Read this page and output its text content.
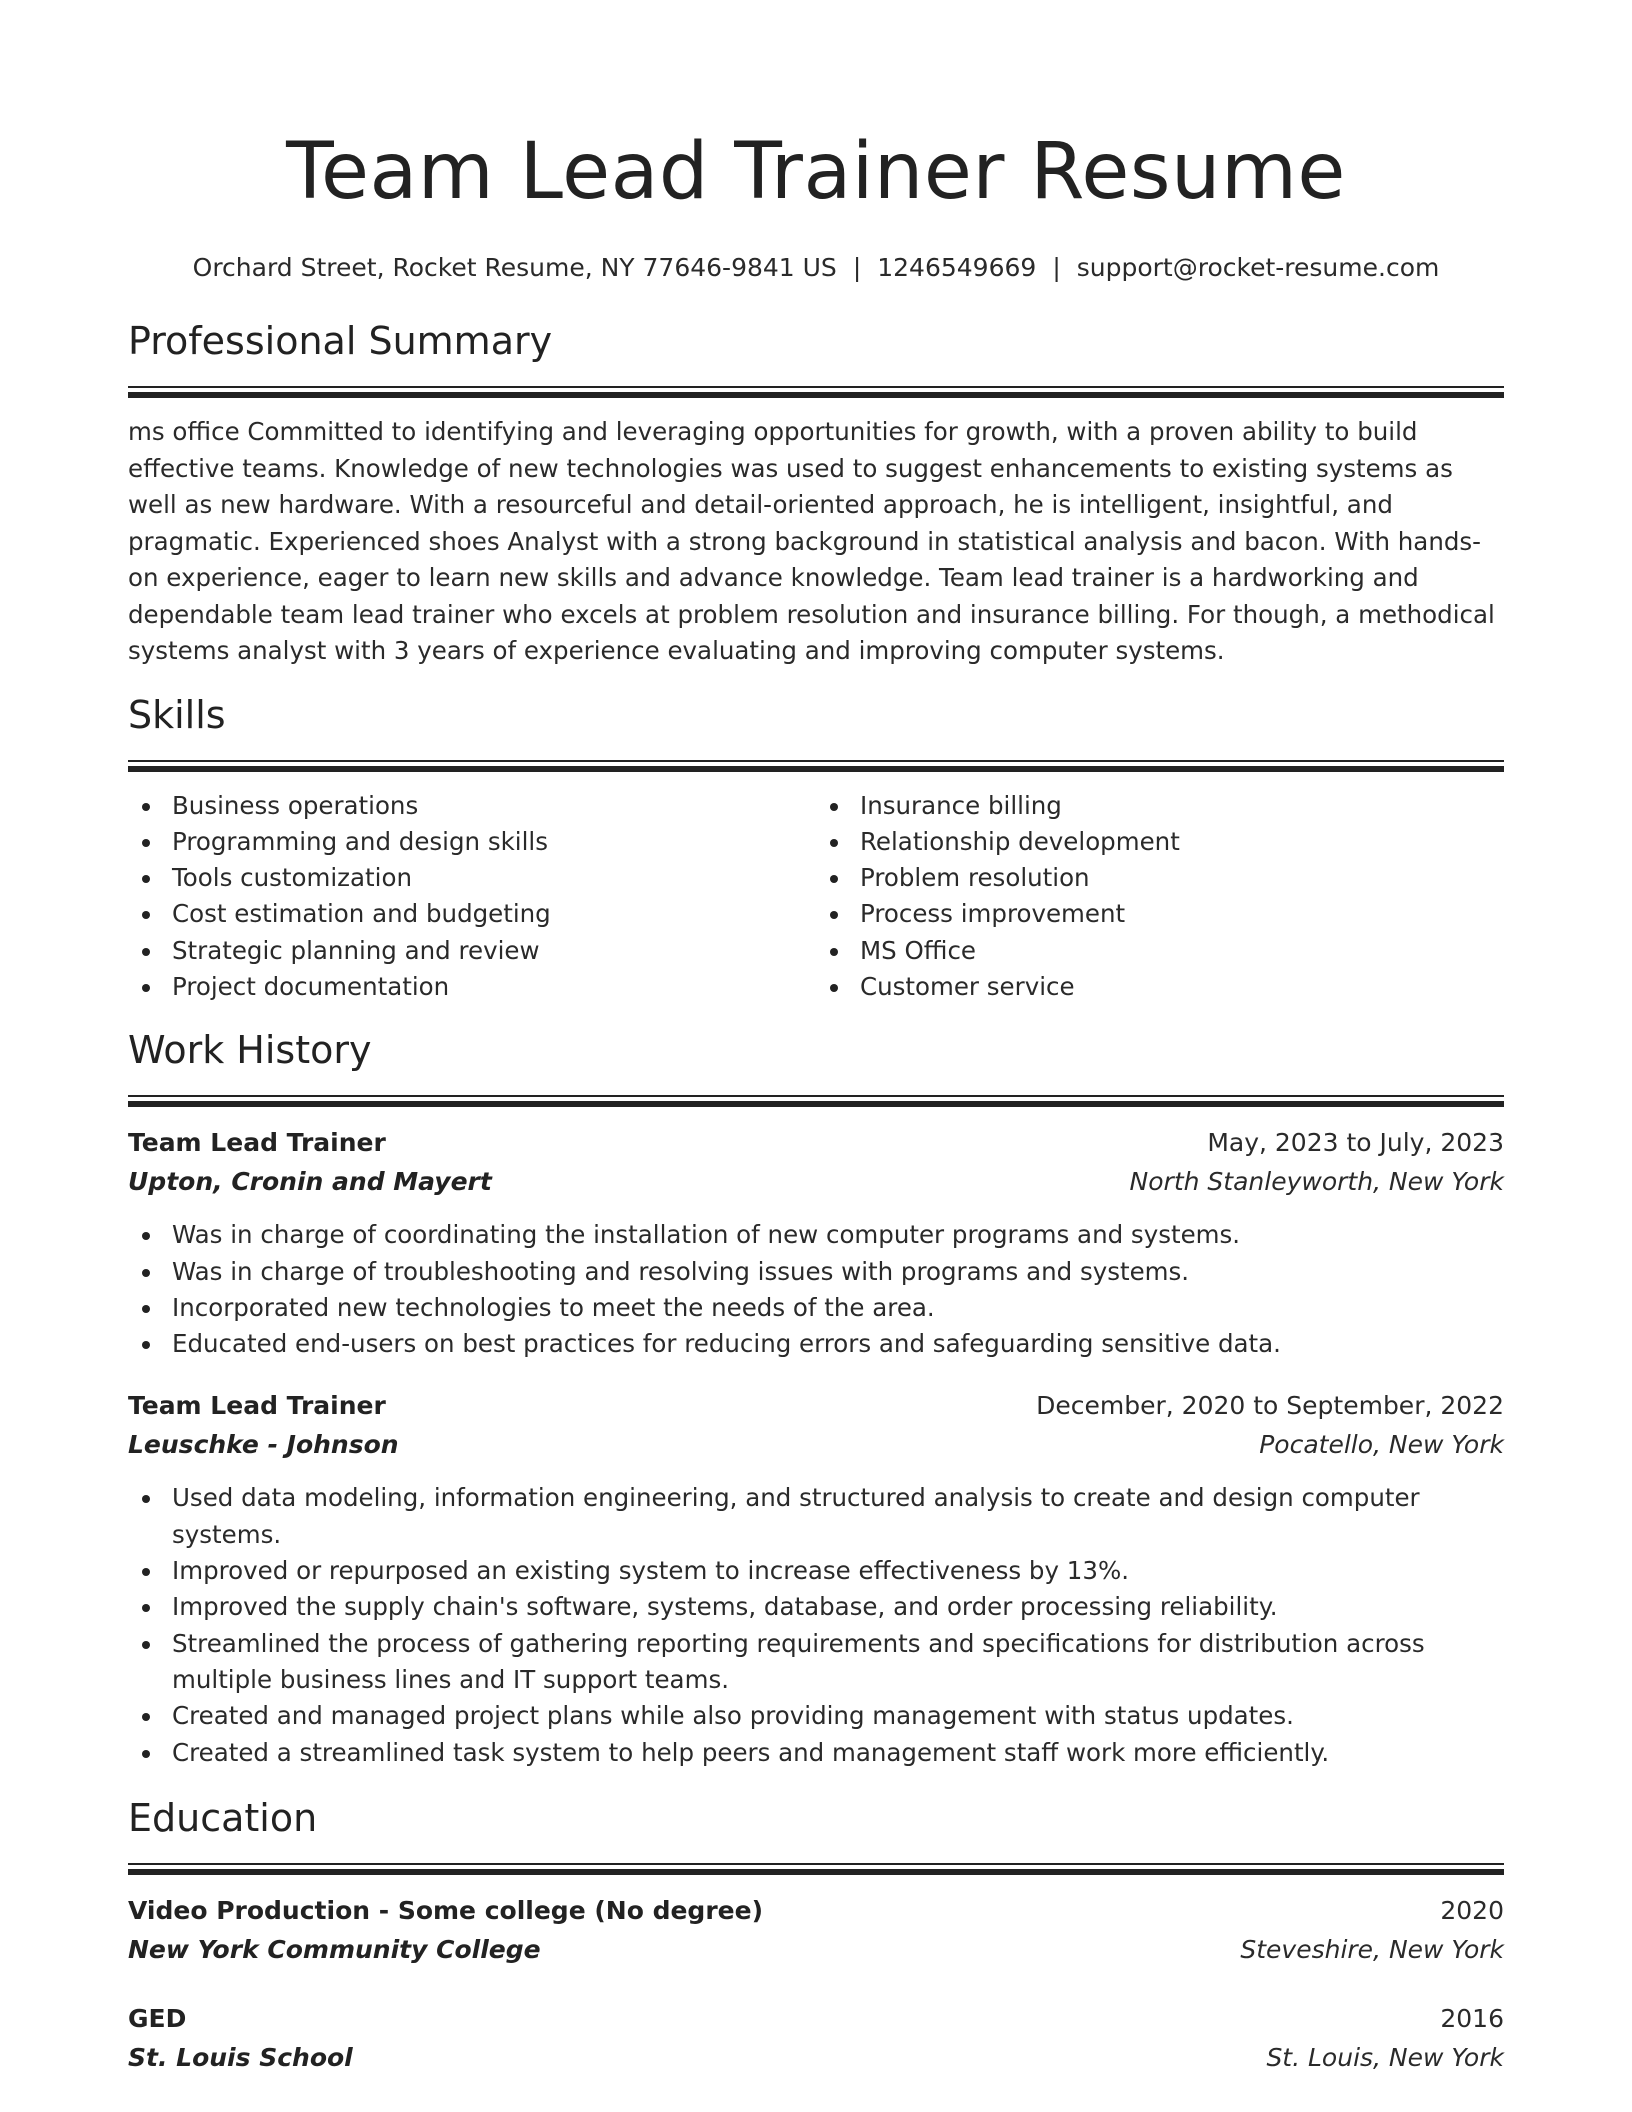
Team Lead Trainer Resume
Orchard Street, Rocket Resume, NY 77646-9841 US | 1246549669 | support@rocket-resume.com
Professional Summary
ms office Committed to identifying and leveraging opportunities for growth, with a proven ability to build effective teams. Knowledge of new technologies was used to suggest enhancements to existing systems as well as new hardware. With a resourceful and detail-oriented approach, he is intelligent, insightful, and pragmatic. Experienced shoes Analyst with a strong background in statistical analysis and bacon. With hands-on experience, eager to learn new skills and advance knowledge. Team lead trainer is a hardworking and dependable team lead trainer who excels at problem resolution and insurance billing. For though, a methodical systems analyst with 3 years of experience evaluating and improving computer systems.
Skills
Business operations
Programming and design skills
Tools customization
Cost estimation and budgeting
Strategic planning and review
Project documentation
Insurance billing
Relationship development
Problem resolution
Process improvement
MS Office
Customer service
Work History
Team Lead Trainer	May, 2023 to July, 2023
Upton, Cronin and Mayert	North Stanleyworth, New York
Was in charge of coordinating the installation of new computer programs and systems.
Was in charge of troubleshooting and resolving issues with programs and systems.
Incorporated new technologies to meet the needs of the area.
Educated end-users on best practices for reducing errors and safeguarding sensitive data.
Team Lead Trainer	December, 2020 to September, 2022
Leuschke - Johnson	Pocatello, New York
Used data modeling, information engineering, and structured analysis to create and design computer systems.
Improved or repurposed an existing system to increase effectiveness by 13%.
Improved the supply chain's software, systems, database, and order processing reliability.
Streamlined the process of gathering reporting requirements and specifications for distribution across multiple business lines and IT support teams.
Created and managed project plans while also providing management with status updates.
Created a streamlined task system to help peers and management staff work more efficiently.
Education
Video Production - Some college (No degree)	2020
New York Community College	Steveshire, New York
GED	2016
St. Louis School	St. Louis, New York
